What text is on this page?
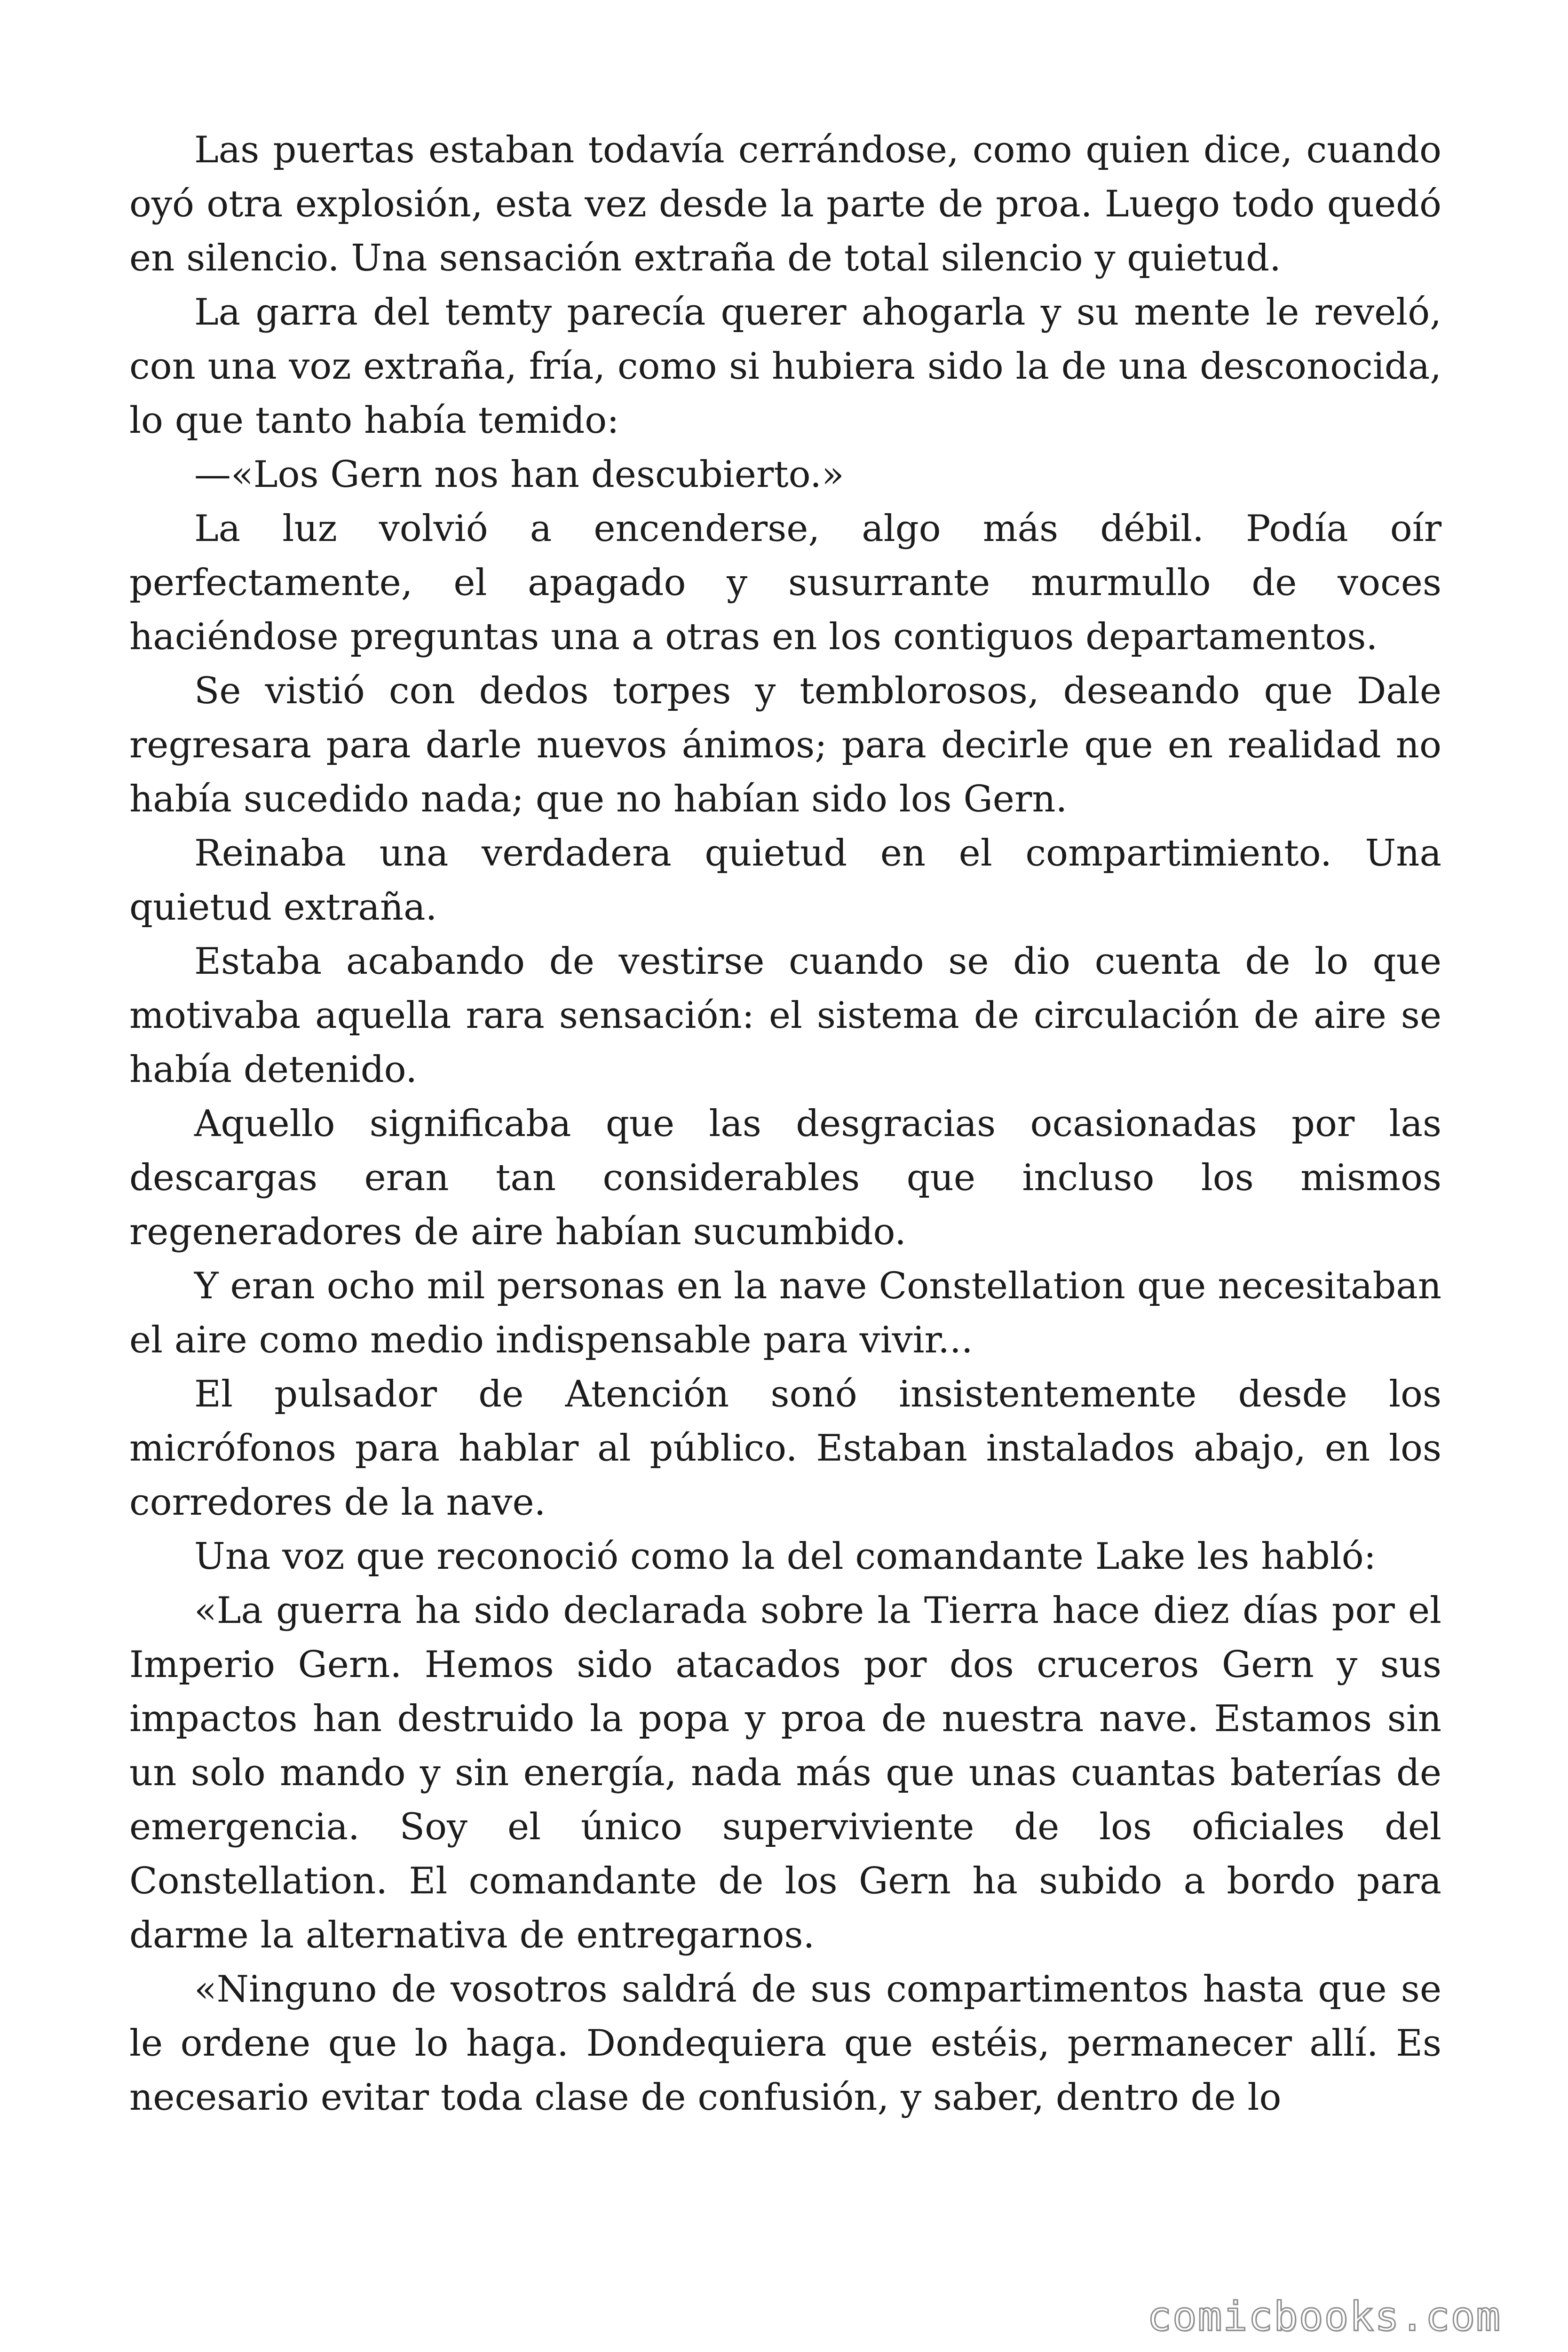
Las puertas estaban todavía cerrándose, como quien dice, cuando oyó otra explosión, esta vez desde la parte de proa. Luego todo quedó en silencio. Una sensación extraña de total silencio y quietud.

La garra del temty parecía querer ahogarla y su mente le reveló, con una voz extraña, fría, como si hubiera sido la de una desconocida, lo que tanto había temido:

—«Los Gern nos han descubierto.»

La luz volvió a encenderse, algo más débil. Podía oír perfectamente, el apagado y susurrante murmullo de voces haciéndose preguntas una a otras en los contiguos departamentos.

Se vistió con dedos torpes y temblorosos, deseando que Dale regresara para darle nuevos ánimos; para decirle que en realidad no había sucedido nada; que no habían sido los Gern.

Reinaba una verdadera quietud en el compartimiento. Una quietud extraña.

Estaba acabando de vestirse cuando se dio cuenta de lo que motivaba aquella rara sensación: el sistema de circulación de aire se había detenido.

Aquello significaba que las desgracias ocasionadas por las descargas eran tan considerables que incluso los mismos regeneradores de aire habían sucumbido.

Y eran ocho mil personas en la nave Constellation que necesitaban el aire como medio indispensable para vivir...

El pulsador de Atención sonó insistentemente desde los micrófonos para hablar al público. Estaban instalados abajo, en los corredores de la nave.

Una voz que reconoció como la del comandante Lake les habló:

«La guerra ha sido declarada sobre la Tierra hace diez días por el Imperio Gern. Hemos sido atacados por dos cruceros Gern y sus impactos han destruido la popa y proa de nuestra nave. Estamos sin un solo mando y sin energía, nada más que unas cuantas baterías de emergencia. Soy el único superviviente de los oficiales del Constellation. El comandante de los Gern ha subido a bordo para darme la alternativa de entregarnos.

«Ninguno de vosotros saldrá de sus compartimentos hasta que se le ordene que lo haga. Dondequiera que estéis, permanecer allí. Es necesario evitar toda clase de confusión, y saber, dentro de lo

comicbooks.com
